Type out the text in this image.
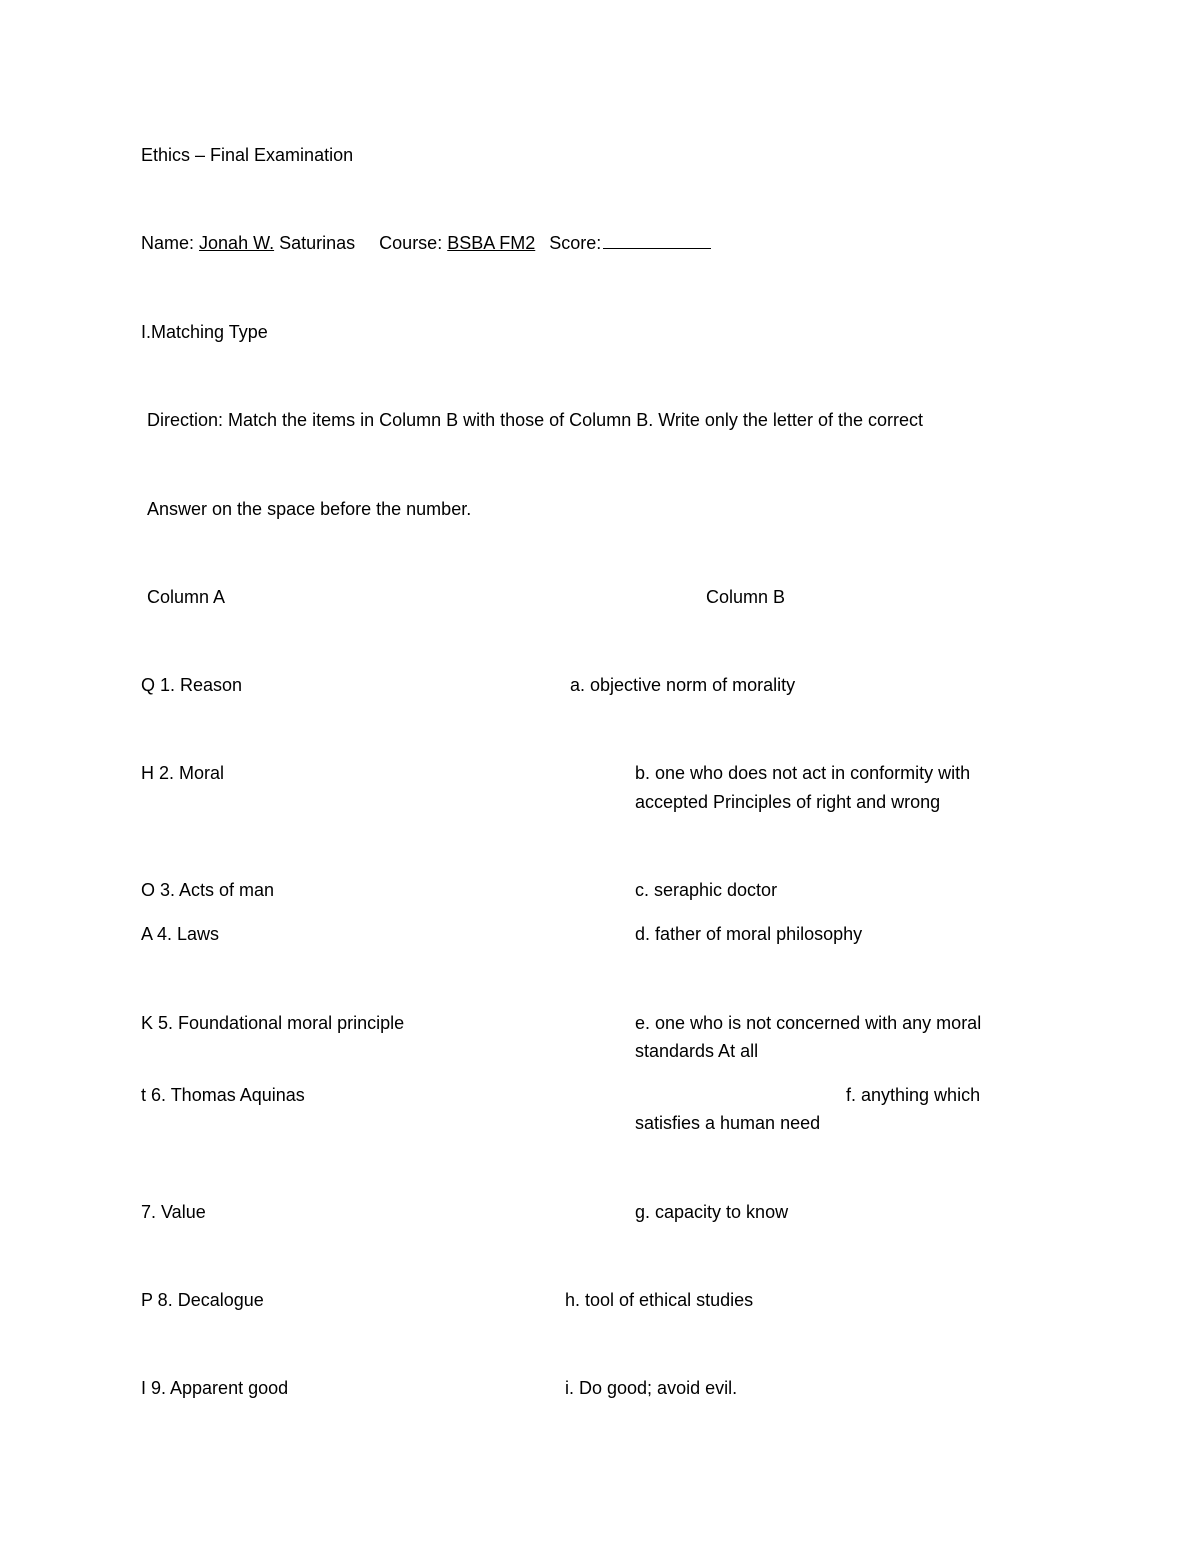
Ethics – Final Examination
Name: Jonah W. Saturinas Course: BSBA FM2 Score:
I.Matching Type
Direction: Match the items in Column B with those of Column B. Write only the letter of the correct
Answer on the space before the number.
Column A	Column B
Q 1. Reason
H 2. Moral
O 3. Acts of man
A 4. Laws
K 5. Foundational moral principle
t 6. Thomas Aquinas
7. Value
P 8. Decalogue
I 9. Apparent good
a. objective norm of morality
b. one who does not act in conformity with
accepted Principles of right and wrong
c. seraphic doctor
d. father of moral philosophy
e. one who is not concerned with any moral
standards At all
f. anything which
satisfies a human need
g. capacity to know
h. tool of ethical studies
i. Do good; avoid evil.
